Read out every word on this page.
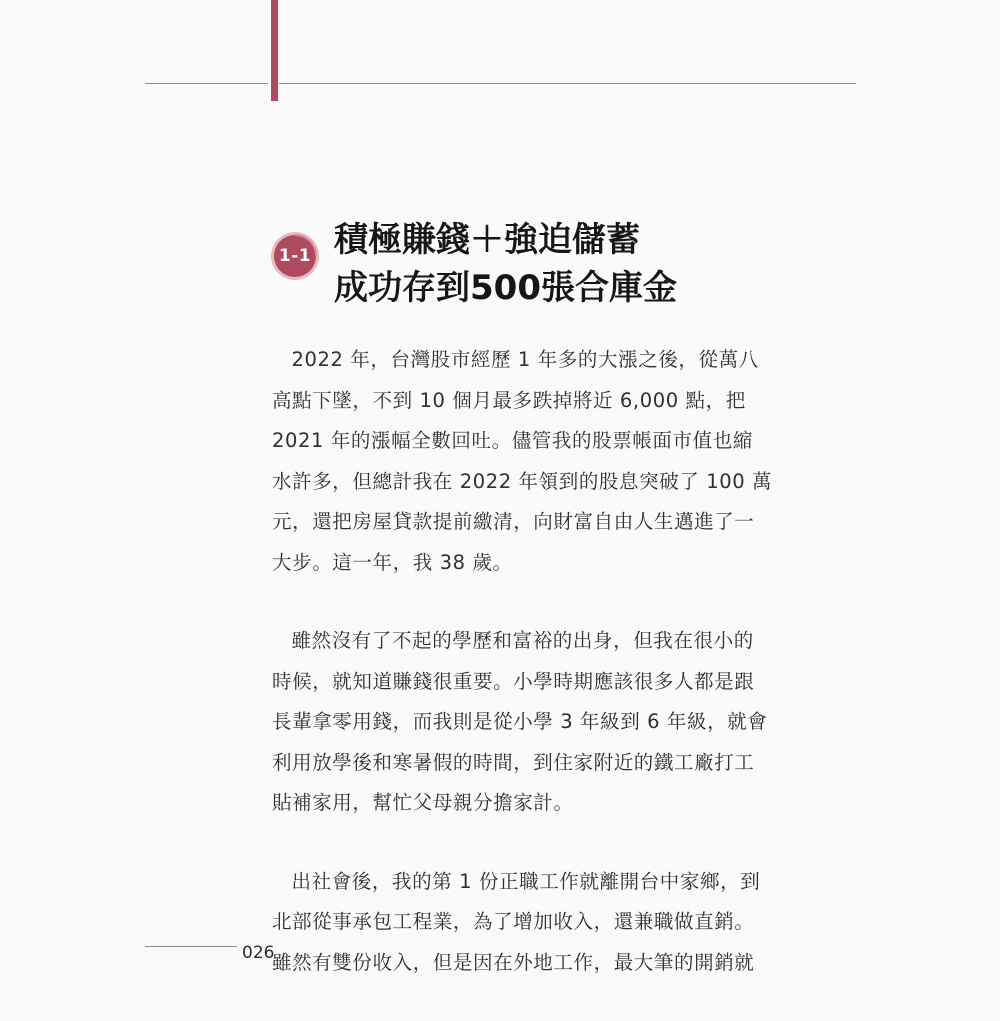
1-1 積極賺錢＋強迫儲蓄
成功存到500張合庫金

2022 年，台灣股市經歷 1 年多的大漲之後，從萬八
高點下墜，不到 10 個月最多跌掉將近 6,000 點，把
2021 年的漲幅全數回吐。儘管我的股票帳面市值也縮
水許多，但總計我在 2022 年領到的股息突破了 100 萬
元，還把房屋貸款提前繳清，向財富自由人生邁進了一
大步。這一年，我 38 歲。

雖然沒有了不起的學歷和富裕的出身，但我在很小的
時候，就知道賺錢很重要。小學時期應該很多人都是跟
長輩拿零用錢，而我則是從小學 3 年級到 6 年級，就會
利用放學後和寒暑假的時間，到住家附近的鐵工廠打工
貼補家用，幫忙父母親分擔家計。

出社會後，我的第 1 份正職工作就離開台中家鄉，到
北部從事承包工程業，為了增加收入，還兼職做直銷。
雖然有雙份收入，但是因在外地工作，最大筆的開銷就

026
